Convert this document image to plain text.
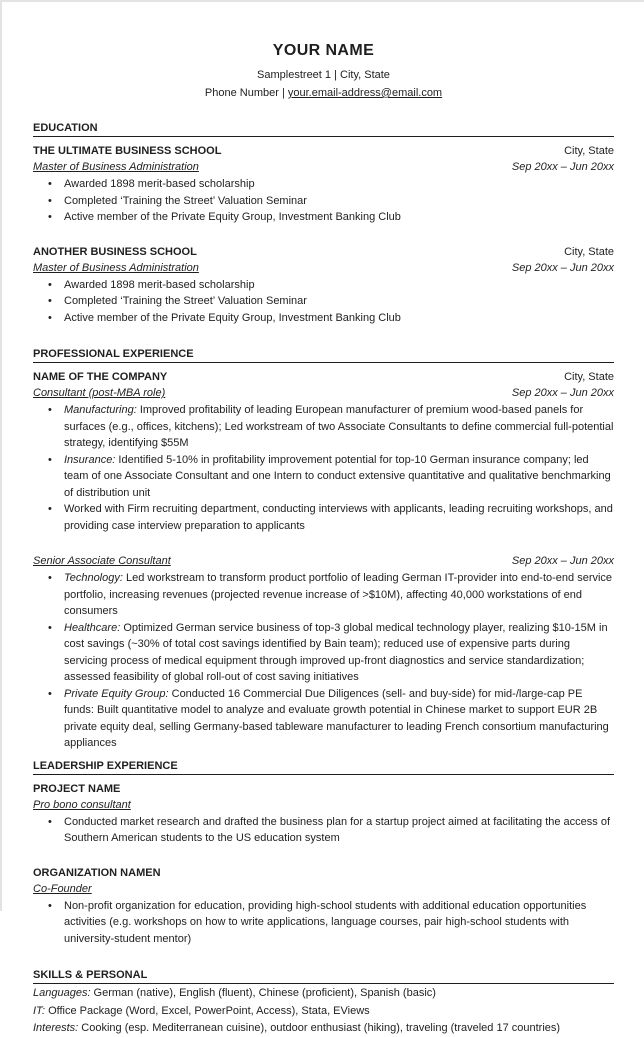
YOUR NAME
Samplestreet 1 | City, State
Phone Number | your.email-address@email.com
EDUCATION
THE ULTIMATE BUSINESS SCHOOL	City, State
Master of Business Administration	Sep 20xx – Jun 20xx
• Awarded 1898 merit-based scholarship
• Completed ‘Training the Street’ Valuation Seminar
• Active member of the Private Equity Group, Investment Banking Club
ANOTHER BUSINESS SCHOOL	City, State
Master of Business Administration	Sep 20xx – Jun 20xx
• Awarded 1898 merit-based scholarship
• Completed ‘Training the Street’ Valuation Seminar
• Active member of the Private Equity Group, Investment Banking Club
PROFESSIONAL EXPERIENCE
NAME OF THE COMPANY	City, State
Consultant (post-MBA role)	Sep 20xx – Jun 20xx
• Manufacturing: Improved profitability of leading European manufacturer of premium wood-based panels for surfaces (e.g., offices, kitchens); Led workstream of two Associate Consultants to define commercial full-potential strategy, identifying $55M
• Insurance: Identified 5-10% in profitability improvement potential for top-10 German insurance company; led team of one Associate Consultant and one Intern to conduct extensive quantitative and qualitative benchmarking of distribution unit
• Worked with Firm recruiting department, conducting interviews with applicants, leading recruiting workshops, and providing case interview preparation to applicants
Senior Associate Consultant	Sep 20xx – Jun 20xx
• Technology: Led workstream to transform product portfolio of leading German IT-provider into end-to-end service portfolio, increasing revenues (projected revenue increase of >$10M), affecting 40,000 workstations of end consumers
• Healthcare: Optimized German service business of top-3 global medical technology player, realizing $10-15M in cost savings (~30% of total cost savings identified by Bain team); reduced use of expensive parts during servicing process of medical equipment through improved up-front diagnostics and service standardization; assessed feasibility of global roll-out of cost saving initiatives
• Private Equity Group: Conducted 16 Commercial Due Diligences (sell- and buy-side) for mid-/large-cap PE funds: Built quantitative model to analyze and evaluate growth potential in Chinese market to support EUR 2B private equity deal, selling Germany-based tableware manufacturer to leading French consortium manufacturing appliances
LEADERSHIP EXPERIENCE
PROJECT NAME
Pro bono consultant
• Conducted market research and drafted the business plan for a startup project aimed at facilitating the access of Southern American students to the US education system
ORGANIZATION NAMEN
Co-Founder
• Non-profit organization for education, providing high-school students with additional education opportunities activities (e.g. workshops on how to write applications, language courses, pair high-school students with university-student mentor)
SKILLS & PERSONAL
Languages: German (native), English (fluent), Chinese (proficient), Spanish (basic)
IT: Office Package (Word, Excel, PowerPoint, Access), Stata, EViews
Interests: Cooking (esp. Mediterranean cuisine), outdoor enthusiast (hiking), traveling (traveled 17 countries)
